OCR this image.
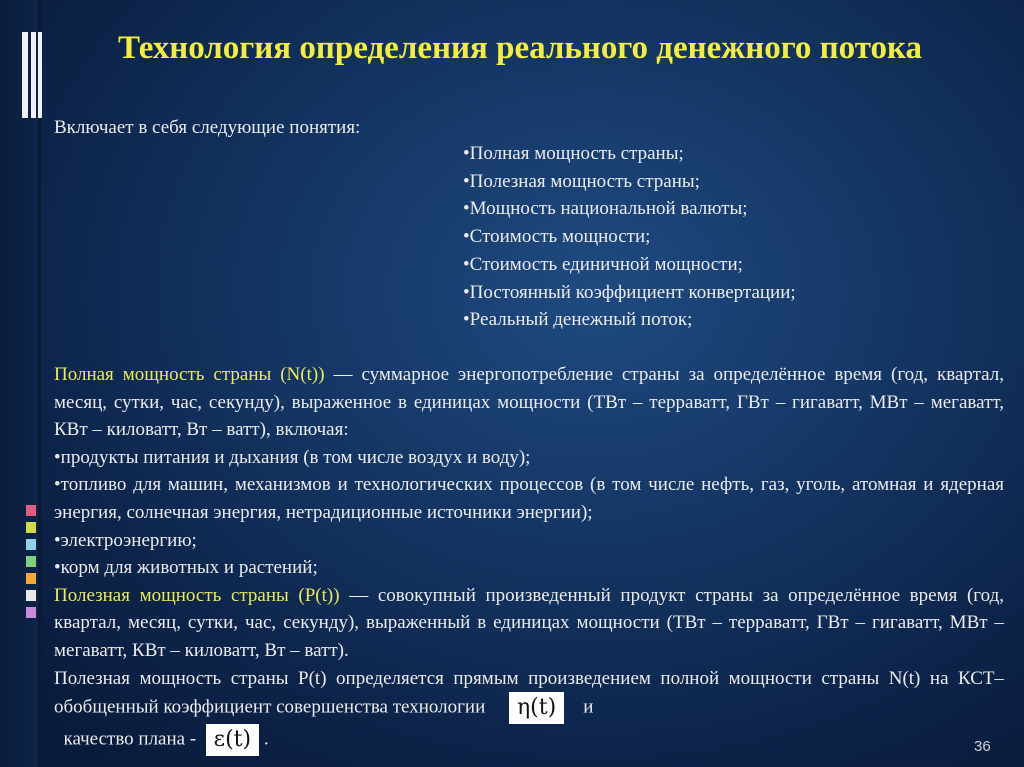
Технология определения реального денежного потока
Включает в себя следующие понятия:
•Полная мощность страны;
•Полезная мощность страны;
•Мощность национальной валюты;
•Стоимость мощности;
•Стоимость единичной мощности;
•Постоянный коэффициент конвертации;
•Реальный денежный поток;

Полная мощность страны (N(t)) — суммарное энергопотребление страны за определённое время (год, квартал, месяц, сутки, час, секунду), выраженное в единицах мощности (ТВт – терраватт, ГВт – гигаватт, МВт – мегаватт, КВт – киловатт, Вт – ватт), включая:

•продукты питания и дыхания (в том числе воздух и воду);

•топливо для машин, механизмов и технологических процессов (в том числе нефть, газ, уголь, атомная и ядерная энергия, солнечная энергия, нетрадиционные источники энергии);

•электроэнергию;

•корм для животных и растений;

Полезная мощность страны (P(t)) — совокупный произведенный продукт страны за определённое время (год, квартал, месяц, сутки, час, секунду), выраженный в единицах мощности (ТВт – терраватт, ГВт – гигаватт, МВт – мегаватт, КВт – киловатт, Вт – ватт).

Полезная мощность страны P(t) определяется прямым произведением полной мощности страны N(t) на КСТ– обобщенный коэффициент совершенства технологии η(t) и

качество плана - ε(t) .	36
